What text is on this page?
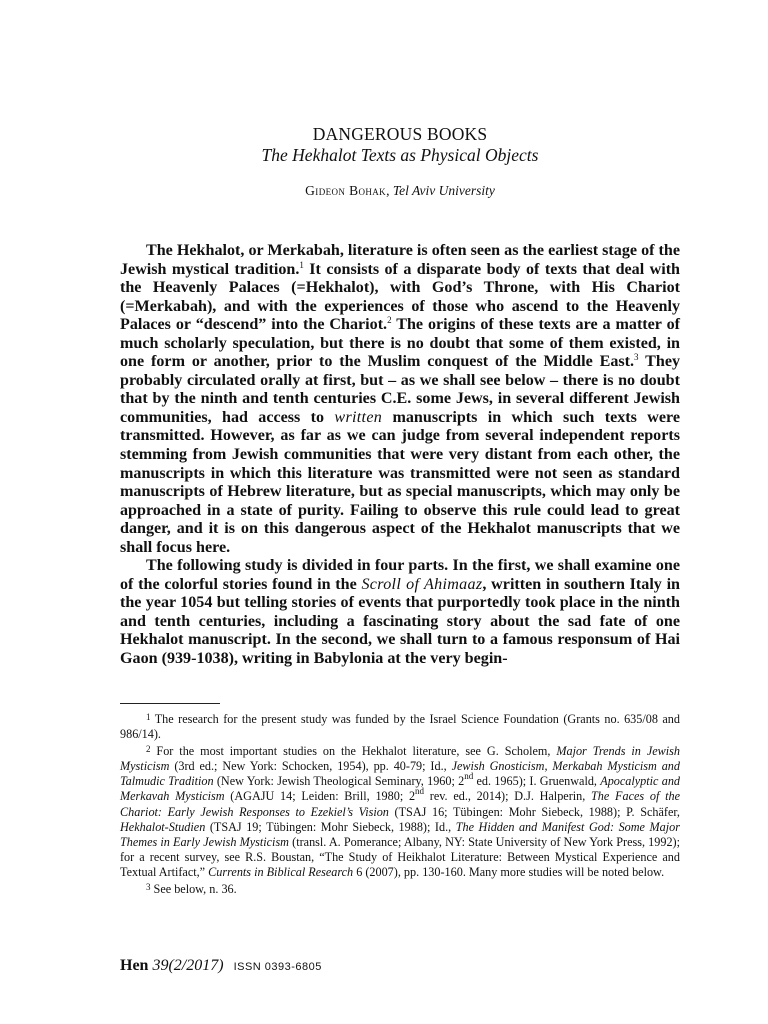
DANGEROUS BOOKS
The Hekhalot Texts as Physical Objects
Gideon Bohak, Tel Aviv University

The Hekhalot, or Merkabah, literature is often seen as the earliest stage of the Jewish mystical tradition.$^1$ It consists of a disparate body of texts that deal with the Heavenly Palaces (=Hekhalot), with God’s Throne, with His Chariot (=Merkabah), and with the experiences of those who ascend to the Heavenly Palaces or “descend” into the Chariot.$^2$ The origins of these texts are a matter of much scholarly speculation, but there is no doubt that some of them existed, in one form or another, prior to the Muslim conquest of the Middle East.$^3$ They probably circulated orally at first, but – as we shall see below – there is no doubt that by the ninth and tenth centuries C.E. some Jews, in several different Jewish communities, had access to written manuscripts in which such texts were transmitted. However, as far as we can judge from several independent reports stemming from Jewish communities that were very distant from each other, the manuscripts in which this literature was transmitted were not seen as standard manuscripts of Hebrew literature, but as special manuscripts, which may only be approached in a state of purity. Failing to observe this rule could lead to great danger, and it is on this dangerous aspect of the Hekhalot manuscripts that we shall focus here.

The following study is divided in four parts. In the first, we shall examine one of the colorful stories found in the Scroll of Ahimaaz, written in southern Italy in the year 1054 but telling stories of events that purportedly took place in the ninth and tenth centuries, including a fascinating story about the sad fate of one Hekhalot manuscript. In the second, we shall turn to a famous responsum of Hai Gaon (939-1038), writing in Babylonia at the very begin-

$^1$ The research for the present study was funded by the Israel Science Foundation (Grants no. 635/08 and 986/14).

$^2$ For the most important studies on the Hekhalot literature, see G. Scholem, Major Trends in Jewish Mysticism (3rd ed.; New York: Schocken, 1954), pp. 40-79; Id., Jewish Gnosticism, Merkabah Mysticism and Talmudic Tradition (New York: Jewish Theological Seminary, 1960; 2nd ed. 1965); I. Gruenwald, Apocalyptic and Merkavah Mysticism (AGAJU 14; Leiden: Brill, 1980; 2nd rev. ed., 2014); D.J. Halperin, The Faces of the Chariot: Early Jewish Responses to Ezekiel’s Vision (TSAJ 16; Tübingen: Mohr Siebeck, 1988); P. Schäfer, Hekhalot-Studien (TSAJ 19; Tübingen: Mohr Siebeck, 1988); Id., The Hidden and Manifest God: Some Major Themes in Early Jewish Mysticism (transl. A. Pomerance; Albany, NY: State University of New York Press, 1992); for a recent survey, see R.S. Boustan, “The Study of Heikhalot Literature: Between Mystical Experience and Textual Artifact,” Currents in Biblical Research 6 (2007), pp. 130-160. Many more studies will be noted below.

$^3$ See below, n. 36.

Hen 39(2/2017) ISSN 0393-6805
